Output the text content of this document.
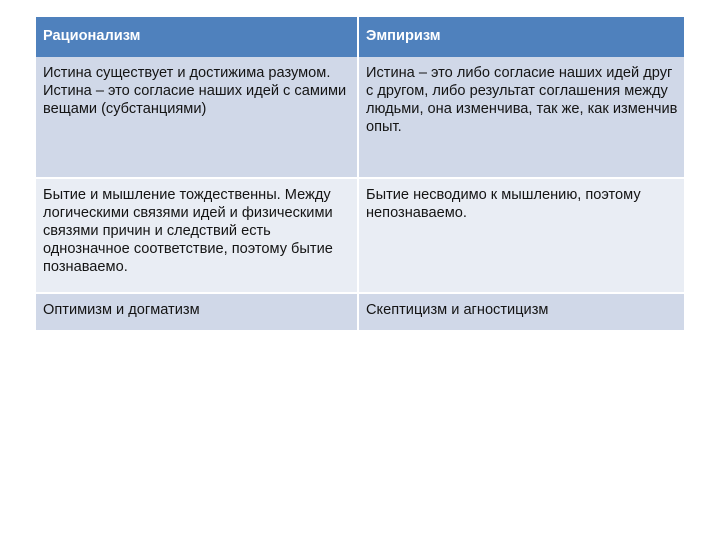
Рационализм	Эмпиризм
Истина существует и достижима разумом. Истина – это согласие наших идей с самими вещами (субстанциями)	Истина – это либо согласие наших идей друг с другом, либо результат соглашения между людьми, она изменчива, так же, как изменчив опыт.
Бытие и мышление тождественны. Между логическими связями идей и физическими связями причин и следствий есть однозначное соответствие, поэтому бытие познаваемо.	Бытие несводимо к мышлению, поэтому непознаваемо.
Оптимизм и догматизм	Скептицизм и агностицизм
